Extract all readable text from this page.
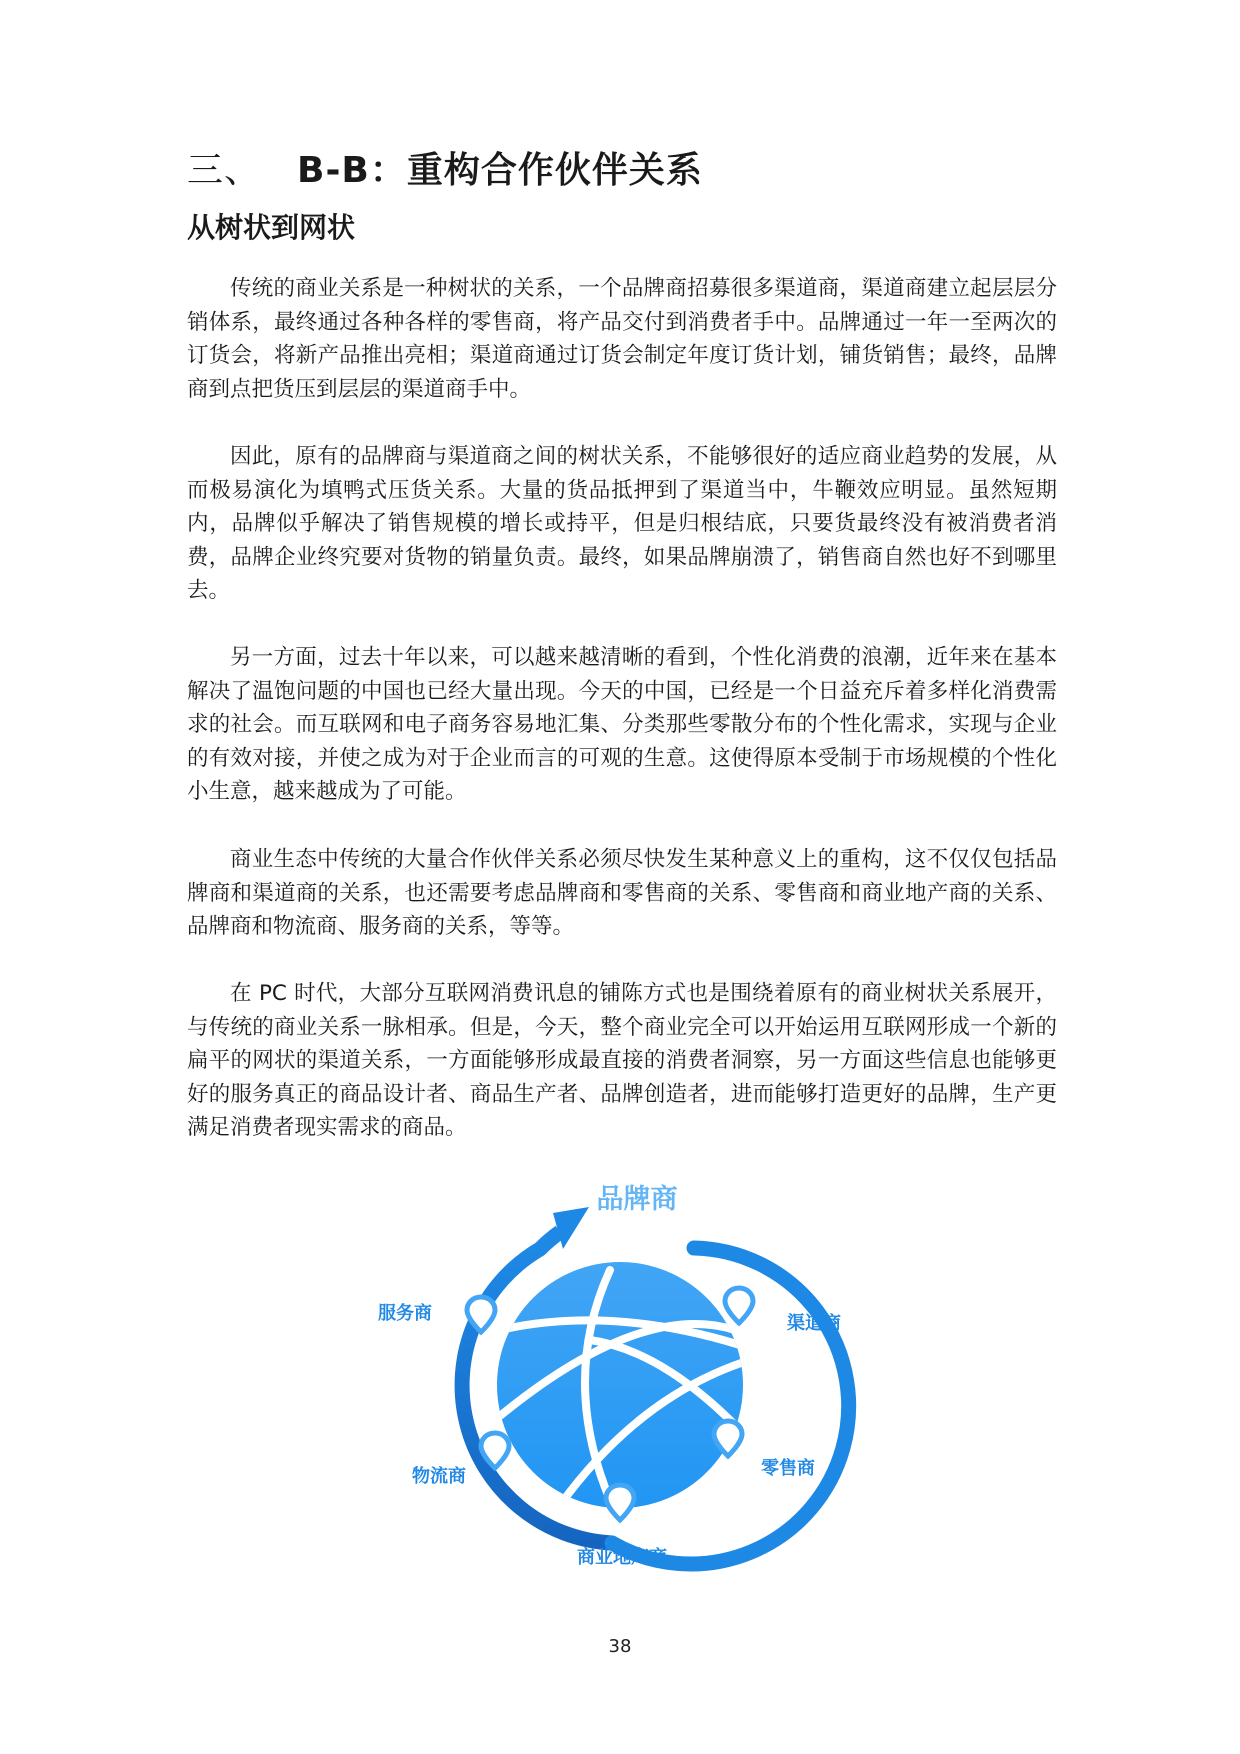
三、 B-B：重构合作伙伴关系
从树状到网状

传统的商业关系是一种树状的关系，一个品牌商招募很多渠道商，渠道商建立起层层分销体系，最终通过各种各样的零售商，将产品交付到消费者手中。品牌通过一年一至两次的订货会，将新产品推出亮相；渠道商通过订货会制定年度订货计划，铺货销售；最终，品牌商到点把货压到层层的渠道商手中。

因此，原有的品牌商与渠道商之间的树状关系，不能够很好的适应商业趋势的发展，从而极易演化为填鸭式压货关系。大量的货品抵押到了渠道当中，牛鞭效应明显。虽然短期内，品牌似乎解决了销售规模的增长或持平，但是归根结底，只要货最终没有被消费者消费，品牌企业终究要对货物的销量负责。最终，如果品牌崩溃了，销售商自然也好不到哪里去。

另一方面，过去十年以来，可以越来越清晰的看到，个性化消费的浪潮，近年来在基本解决了温饱问题的中国也已经大量出现。今天的中国，已经是一个日益充斥着多样化消费需求的社会。而互联网和电子商务容易地汇集、分类那些零散分布的个性化需求，实现与企业的有效对接，并使之成为对于企业而言的可观的生意。这使得原本受制于市场规模的个性化小生意，越来越成为了可能。

商业生态中传统的大量合作伙伴关系必须尽快发生某种意义上的重构，这不仅仅包括品牌商和渠道商的关系，也还需要考虑品牌商和零售商的关系、零售商和商业地产商的关系、品牌商和物流商、服务商的关系，等等。

在 PC 时代，大部分互联网消费讯息的铺陈方式也是围绕着原有的商业树状关系展开，与传统的商业关系一脉相承。但是，今天，整个商业完全可以开始运用互联网形成一个新的扁平的网状的渠道关系，一方面能够形成最直接的消费者洞察，另一方面这些信息也能够更好的服务真正的商品设计者、商品生产者、品牌创造者，进而能够打造更好的品牌，生产更满足消费者现实需求的商品。

品牌商
渠道商
零售商
商业地产商
物流商
服务商
38
